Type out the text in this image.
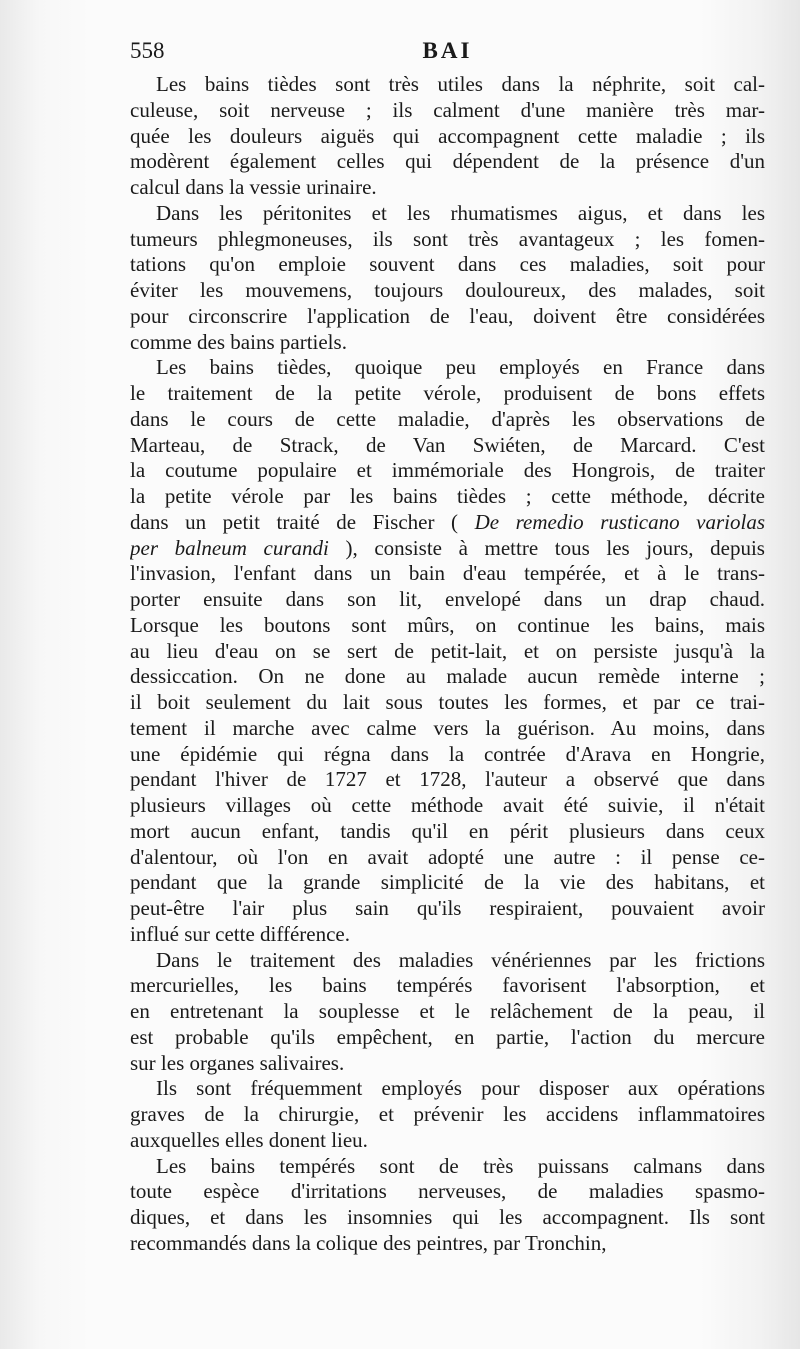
558	BAI

Les bains tièdes sont très utiles dans la néphrite, soit cal-
culeuse, soit nerveuse ; ils calment d'une manière très mar-
quée les douleurs aiguës qui accompagnent cette maladie ; ils
modèrent également celles qui dépendent de la présence d'un
calcul dans la vessie urinaire.

Dans les péritonites et les rhumatismes aigus, et dans les
tumeurs phlegmoneuses, ils sont très avantageux ; les fomen-
tations qu'on emploie souvent dans ces maladies, soit pour
éviter les mouvemens, toujours douloureux, des malades, soit
pour circonscrire l'application de l'eau, doivent être considérées
comme des bains partiels.

Les bains tièdes, quoique peu employés en France dans
le traitement de la petite vérole, produisent de bons effets
dans le cours de cette maladie, d'après les observations de
Marteau, de Strack, de Van Swiéten, de Marcard. C'est
la coutume populaire et immémoriale des Hongrois, de traiter
la petite vérole par les bains tièdes ; cette méthode, décrite
dans un petit traité de Fischer ( De remedio rusticano variolas
per balneum curandi ), consiste à mettre tous les jours, depuis
l'invasion, l'enfant dans un bain d'eau tempérée, et à le trans-
porter ensuite dans son lit, envelopé dans un drap chaud.
Lorsque les boutons sont mûrs, on continue les bains, mais
au lieu d'eau on se sert de petit-lait, et on persiste jusqu'à la
dessiccation. On ne done au malade aucun remède interne ;
il boit seulement du lait sous toutes les formes, et par ce trai-
tement il marche avec calme vers la guérison. Au moins, dans
une épidémie qui régna dans la contrée d'Arava en Hongrie,
pendant l'hiver de 1727 et 1728, l'auteur a observé que dans
plusieurs villages où cette méthode avait été suivie, il n'était
mort aucun enfant, tandis qu'il en périt plusieurs dans ceux
d'alentour, où l'on en avait adopté une autre : il pense ce-
pendant que la grande simplicité de la vie des habitans, et
peut-être l'air plus sain qu'ils respiraient, pouvaient avoir
influé sur cette différence.

Dans le traitement des maladies vénériennes par les frictions
mercurielles, les bains tempérés favorisent l'absorption, et
en entretenant la souplesse et le relâchement de la peau, il
est probable qu'ils empêchent, en partie, l'action du mercure
sur les organes salivaires.

Ils sont fréquemment employés pour disposer aux opérations
graves de la chirurgie, et prévenir les accidens inflammatoires
auxquelles elles donent lieu.

Les bains tempérés sont de très puissans calmans dans
toute espèce d'irritations nerveuses, de maladies spasmo-
diques, et dans les insomnies qui les accompagnent. Ils sont
recommandés dans la colique des peintres, par Tronchin,
